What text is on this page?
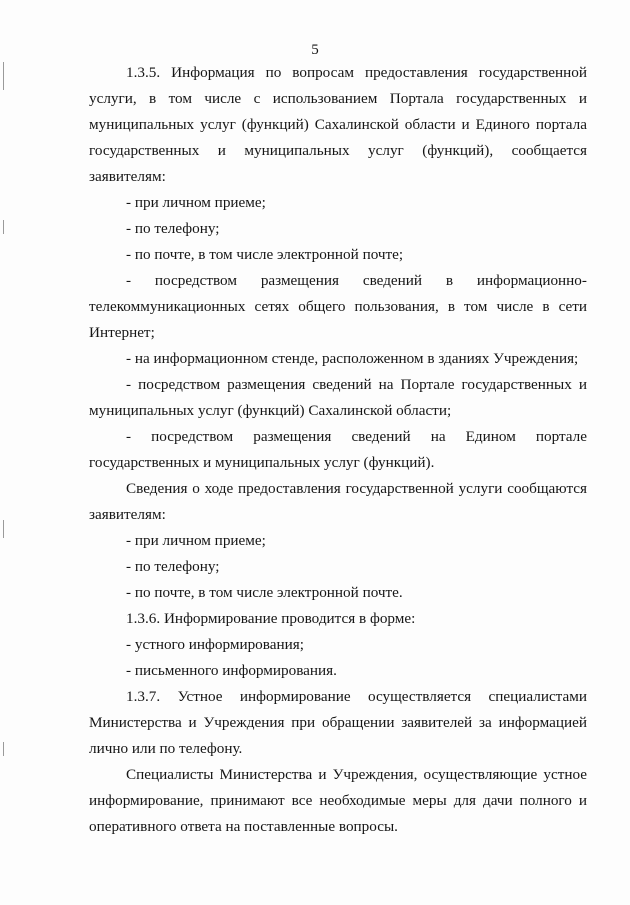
5

1.3.5. Информация по вопросам предоставления государственной услуги, в том числе с использованием Портала государственных и муниципальных услуг (функций) Сахалинской области и Единого портала государственных и муниципальных услуг (функций), сообщается заявителям:

- при личном приеме;

- по телефону;

- по почте, в том числе электронной почте;

- посредством размещения сведений в информационно-

телекоммуникационных сетях общего пользования, в том числе в сети Интернет;

- на информационном стенде, расположенном в зданиях Учреждения;

- посредством размещения сведений на Портале государственных и муниципальных услуг (функций) Сахалинской области;

- посредством размещения сведений на Едином портале

государственных и муниципальных услуг (функций).

Сведения о ходе предоставления государственной услуги сообщаются заявителям:

- при личном приеме;

- по телефону;

- по почте, в том числе электронной почте.

1.3.6. Информирование проводится в форме:

- устного информирования;

- письменного информирования.

1.3.7. Устное информирование осуществляется специалистами Министерства и Учреждения при обращении заявителей за информацией лично или по телефону.

Специалисты Министерства и Учреждения, осуществляющие устное информирование, принимают все необходимые меры для дачи полного и оперативного ответа на поставленные вопросы.
